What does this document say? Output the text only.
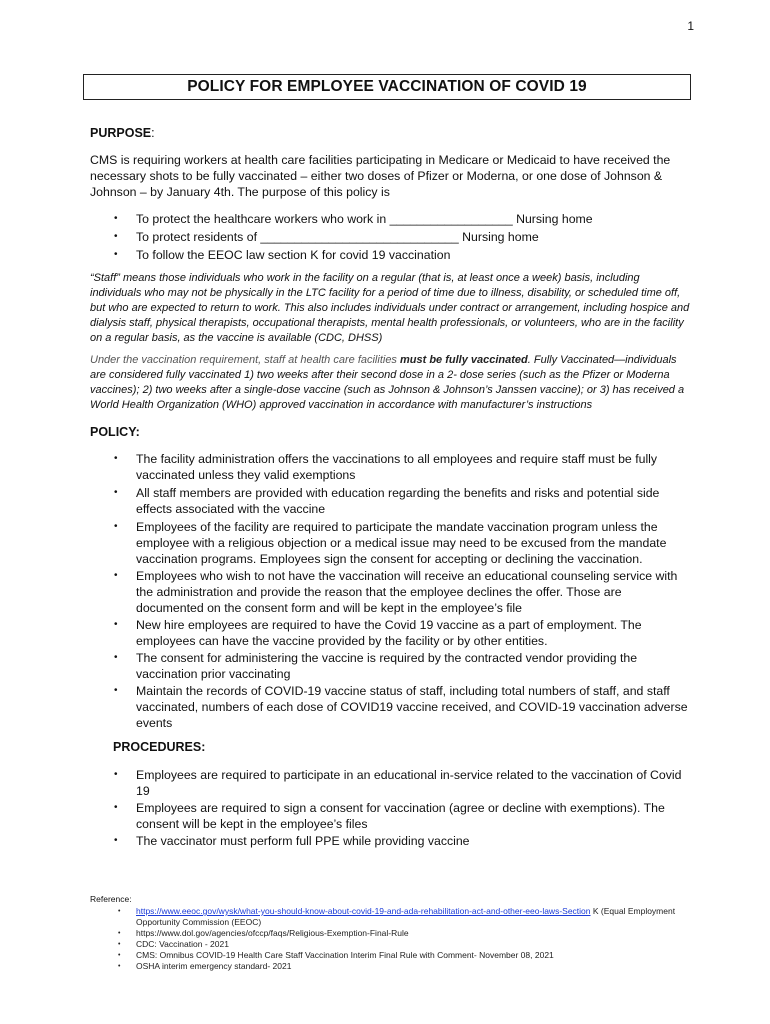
1
POLICY FOR EMPLOYEE VACCINATION OF COVID 19

PURPOSE:

CMS is requiring workers at health care facilities participating in Medicare or Medicaid to have received the necessary shots to be fully vaccinated – either two doses of Pfizer or Moderna, or one dose of Johnson & Johnson – by January 4th. The purpose of this policy is

• To protect the healthcare workers who work in __________________ Nursing home
• To protect residents of _____________________________ Nursing home
• To follow the EEOC law section K for covid 19 vaccination

“Staff” means those individuals who work in the facility on a regular (that is, at least once a week) basis, including individuals who may not be physically in the LTC facility for a period of time due to illness, disability, or scheduled time off, but who are expected to return to work. This also includes individuals under contract or arrangement, including hospice and dialysis staff, physical therapists, occupational therapists, mental health professionals, or volunteers, who are in the facility on a regular basis, as the vaccine is available (CDC, DHSS)

Under the vaccination requirement, staff at health care facilities must be fully vaccinated. Fully Vaccinated—individuals are considered fully vaccinated 1) two weeks after their second dose in a 2- dose series (such as the Pfizer or Moderna vaccines); 2) two weeks after a single-dose vaccine (such as Johnson & Johnson’s Janssen vaccine); or 3) has received a World Health Organization (WHO) approved vaccination in accordance with manufacturer’s instructions

POLICY:

• The facility administration offers the vaccinations to all employees and require staff must be fully vaccinated unless they valid exemptions
• All staff members are provided with education regarding the benefits and risks and potential side effects associated with the vaccine
• Employees of the facility are required to participate the mandate vaccination program unless the employee with a religious objection or a medical issue may need to be excused from the mandate vaccination programs. Employees sign the consent for accepting or declining the vaccination.
• Employees who wish to not have the vaccination will receive an educational counseling service with the administration and provide the reason that the employee declines the offer. Those are documented on the consent form and will be kept in the employee’s file
• New hire employees are required to have the Covid 19 vaccine as a part of employment. The employees can have the vaccine provided by the facility or by other entities.
• The consent for administering the vaccine is required by the contracted vendor providing the vaccination prior vaccinating
• Maintain the records of COVID-19 vaccine status of staff, including total numbers of staff, and staff vaccinated, numbers of each dose of COVID19 vaccine received, and COVID-19 vaccination adverse events

PROCEDURES:

• Employees are required to participate in an educational in-service related to the vaccination of Covid 19
• Employees are required to sign a consent for vaccination (agree or decline with exemptions). The consent will be kept in the employee’s files
• The vaccinator must perform full PPE while providing vaccine

Reference:

• https://www.eeoc.gov/wysk/what-you-should-know-about-covid-19-and-ada-rehabilitation-act-and-other-eeo-laws-Section K (Equal Employment Opportunity Commission (EEOC)
• https://www.dol.gov/agencies/ofccp/faqs/Religious-Exemption-Final-Rule
• CDC: Vaccination - 2021
• CMS: Omnibus COVID-19 Health Care Staff Vaccination Interim Final Rule with Comment- November 08, 2021
• OSHA interim emergency standard- 2021
